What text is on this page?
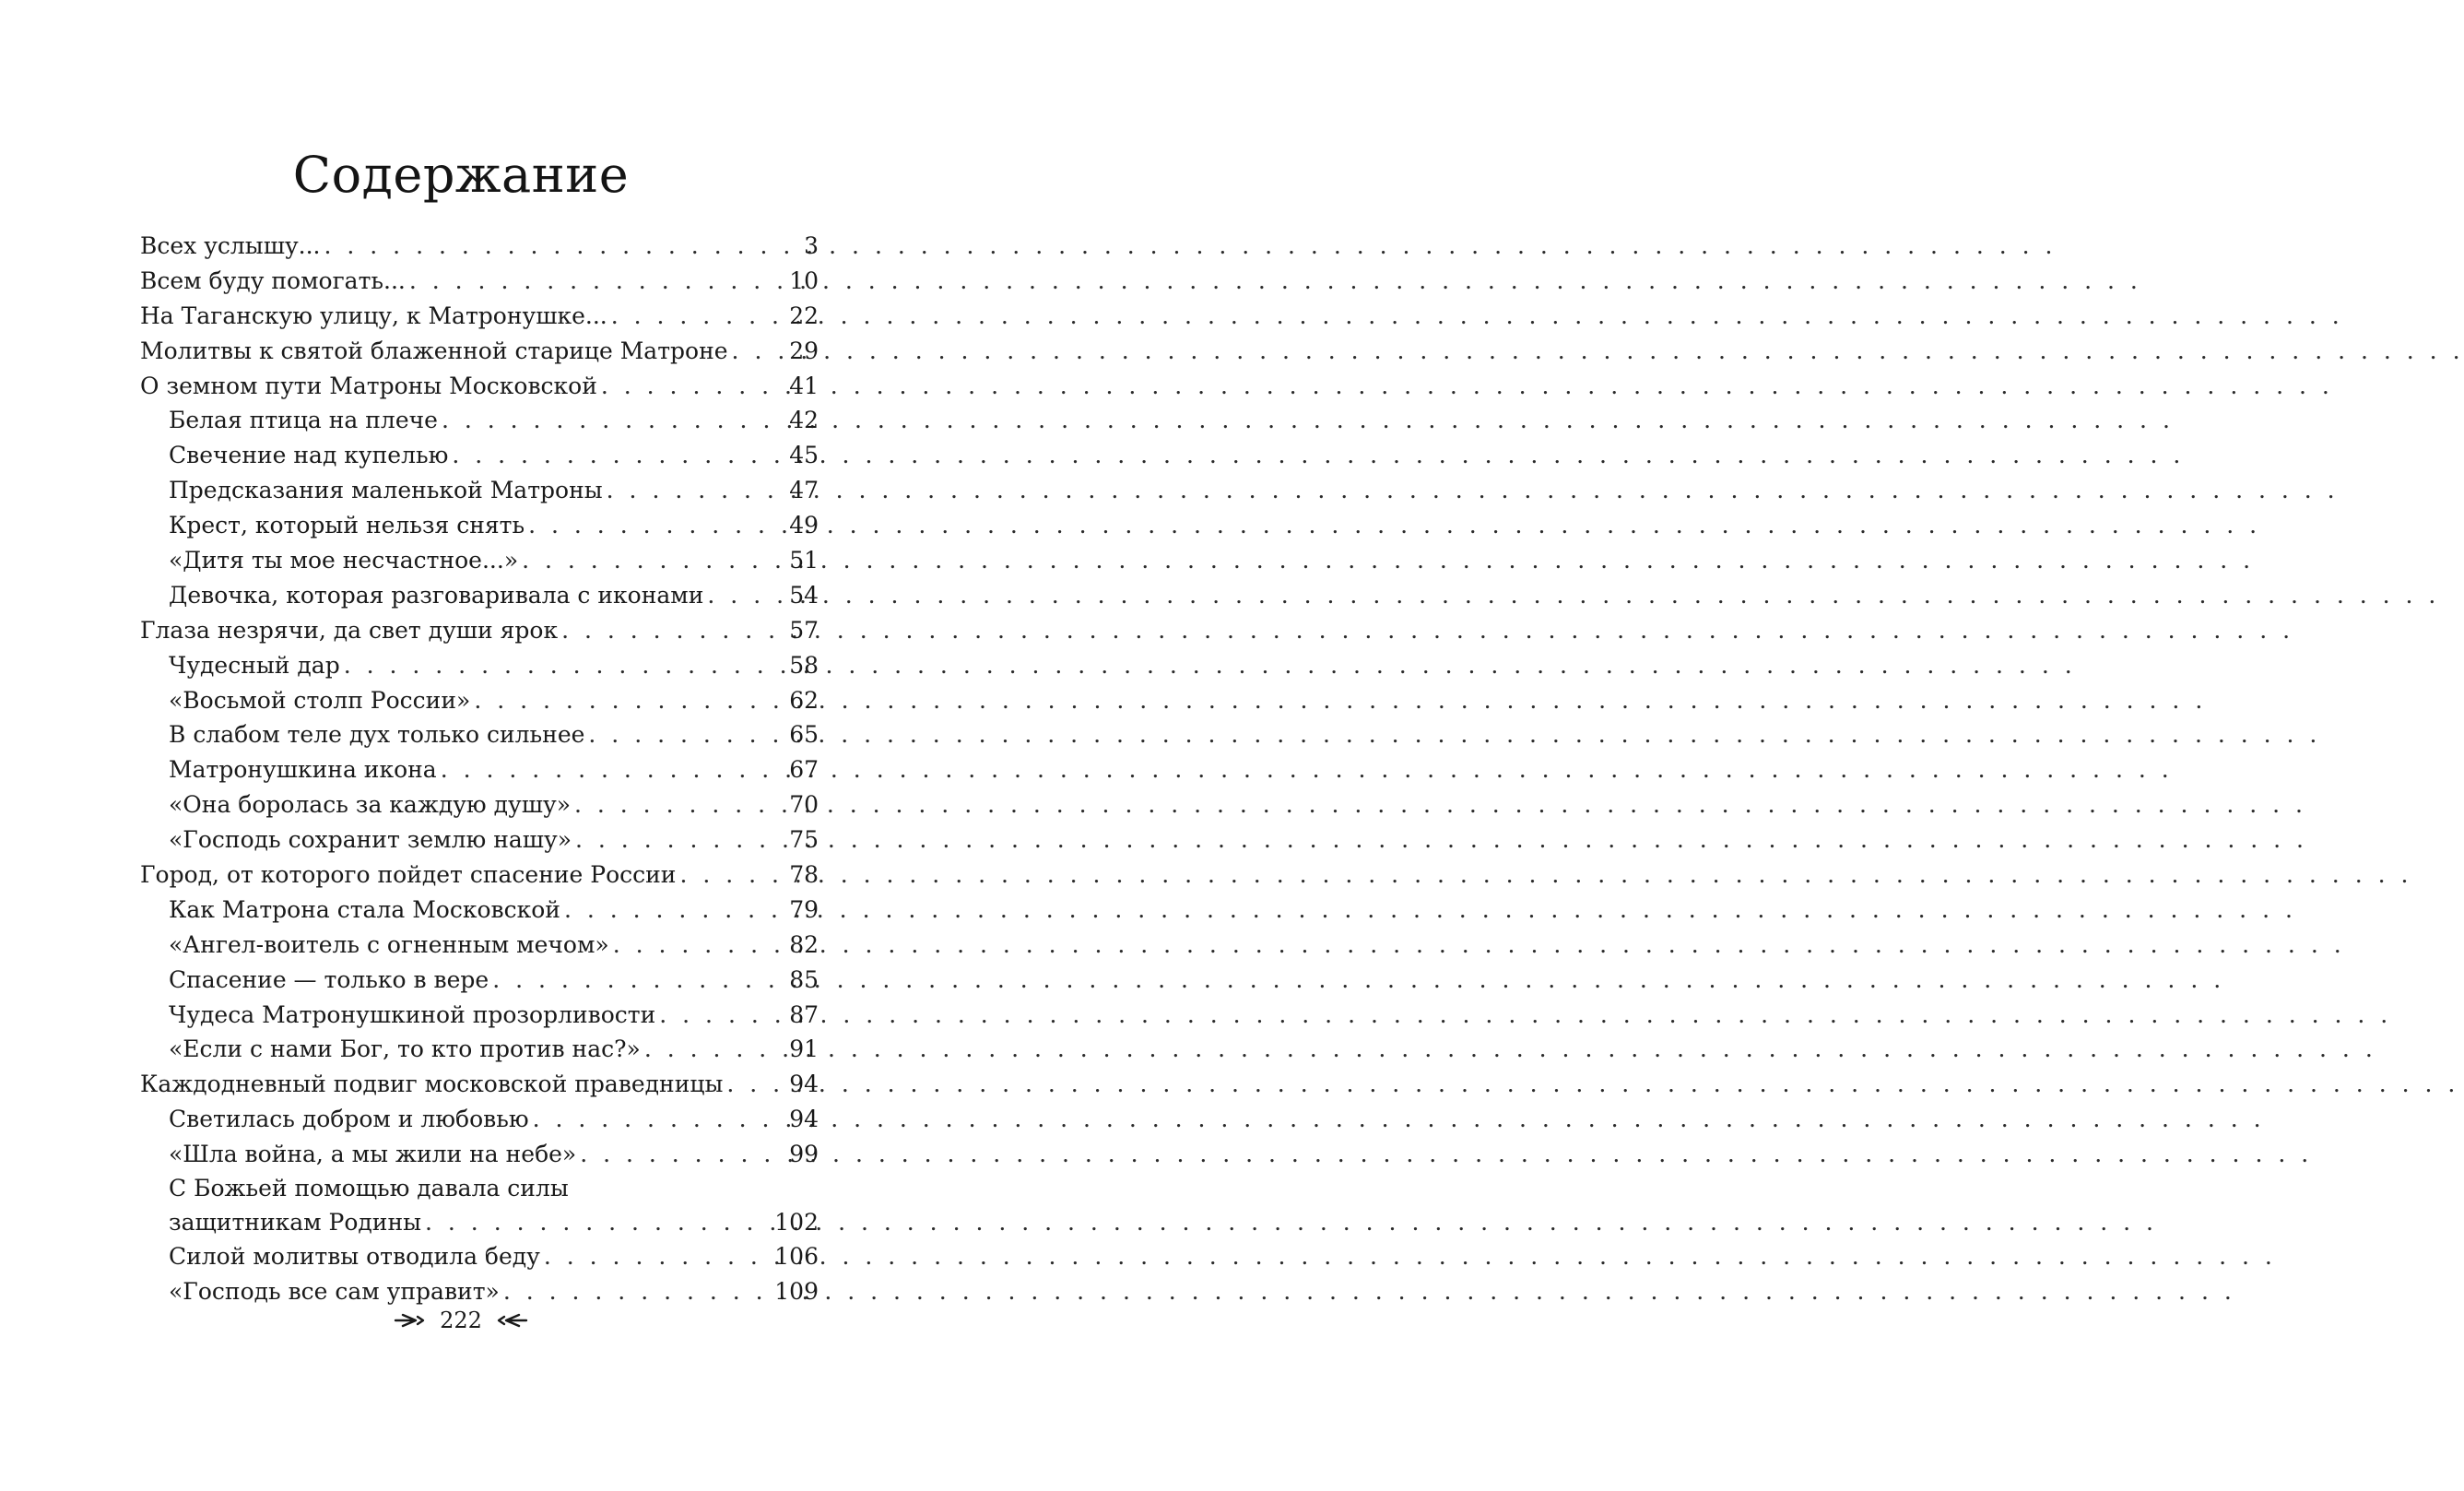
Содержание
Всех услышу... . . .	3
Всем буду помогать... . . .	10
На Таганскую улицу, к Матронушке... . . .	22
Молитвы к святой блаженной старице Матроне . . .	29
О земном пути Матроны Московской . . .	41
Белая птица на плече . . .	42
Свечение над купелью . . .	45
Предсказания маленькой Матроны . . .	47
Крест, который нельзя снять . . .	49
«Дитя ты мое несчастное...» . . .	51
Девочка, которая разговаривала с иконами . . .	54
Глаза незрячи, да свет души ярок . . .	57
Чудесный дар . . .	58
«Восьмой столп России» . . .	62
В слабом теле дух только сильнее . . .	65
Матронушкина икона . . .	67
«Она боролась за каждую душу» . . .	70
«Господь сохранит землю нашу» . . .	75
Город, от которого пойдет спасение России . . .	78
Как Матрона стала Московской . . .	79
«Ангел-воитель с огненным мечом» . . .	82
Спасение — только в вере . . .	85
Чудеса Матронушкиной прозорливости . . .	87
«Если с нами Бог, то кто против нас?» . . .	91
Каждодневный подвиг московской праведницы . . .	94
Светилась добром и любовью . . .	94
«Шла война, а мы жили на небе» . . .	99
С Божьей помощью давала силы
защитникам Родины . . .	102
Силой молитвы отводила беду . . .	106
«Господь все сам управит» . . .	109
222
